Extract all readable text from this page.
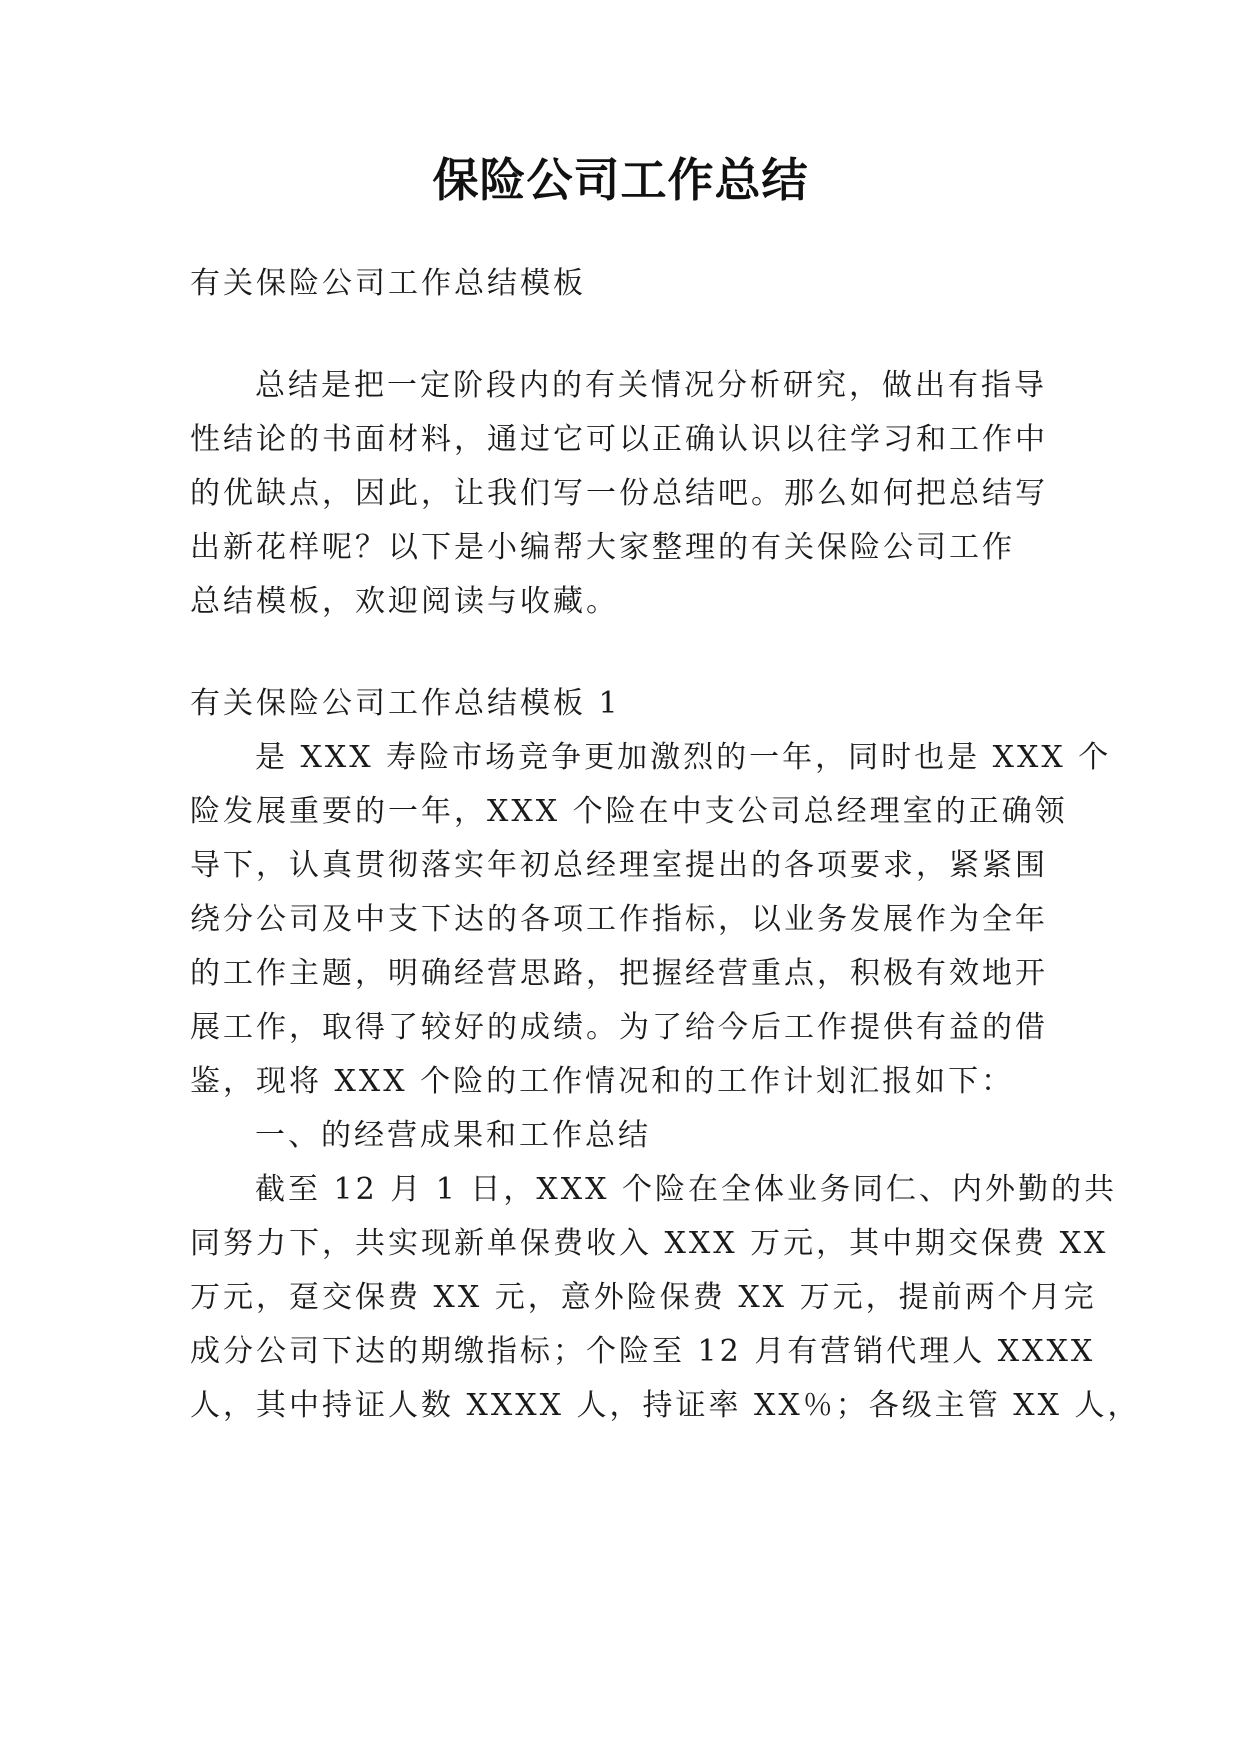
保险公司工作总结
有关保险公司工作总结模板
总结是把一定阶段内的有关情况分析研究，做出有指导
性结论的书面材料，通过它可以正确认识以往学习和工作中
的优缺点，因此，让我们写一份总结吧。那么如何把总结写
出新花样呢？以下是小编帮大家整理的有关保险公司工作
总结模板，欢迎阅读与收藏。
有关保险公司工作总结模板 1
是 XXX 寿险市场竞争更加激烈的一年，同时也是 XXX 个
险发展重要的一年，XXX 个险在中支公司总经理室的正确领
导下，认真贯彻落实年初总经理室提出的各项要求，紧紧围
绕分公司及中支下达的各项工作指标，以业务发展作为全年
的工作主题，明确经营思路，把握经营重点，积极有效地开
展工作，取得了较好的成绩。为了给今后工作提供有益的借
鉴，现将 XXX 个险的工作情况和的工作计划汇报如下：
一、的经营成果和工作总结
截至 12 月 1 日，XXX 个险在全体业务同仁、内外勤的共
同努力下，共实现新单保费收入 XXX 万元，其中期交保费 XX
万元，趸交保费 XX 元，意外险保费 XX 万元，提前两个月完
成分公司下达的期缴指标；个险至 12 月有营销代理人 XXXX
人，其中持证人数 XXXX 人，持证率 XX％；各级主管 XX 人，
